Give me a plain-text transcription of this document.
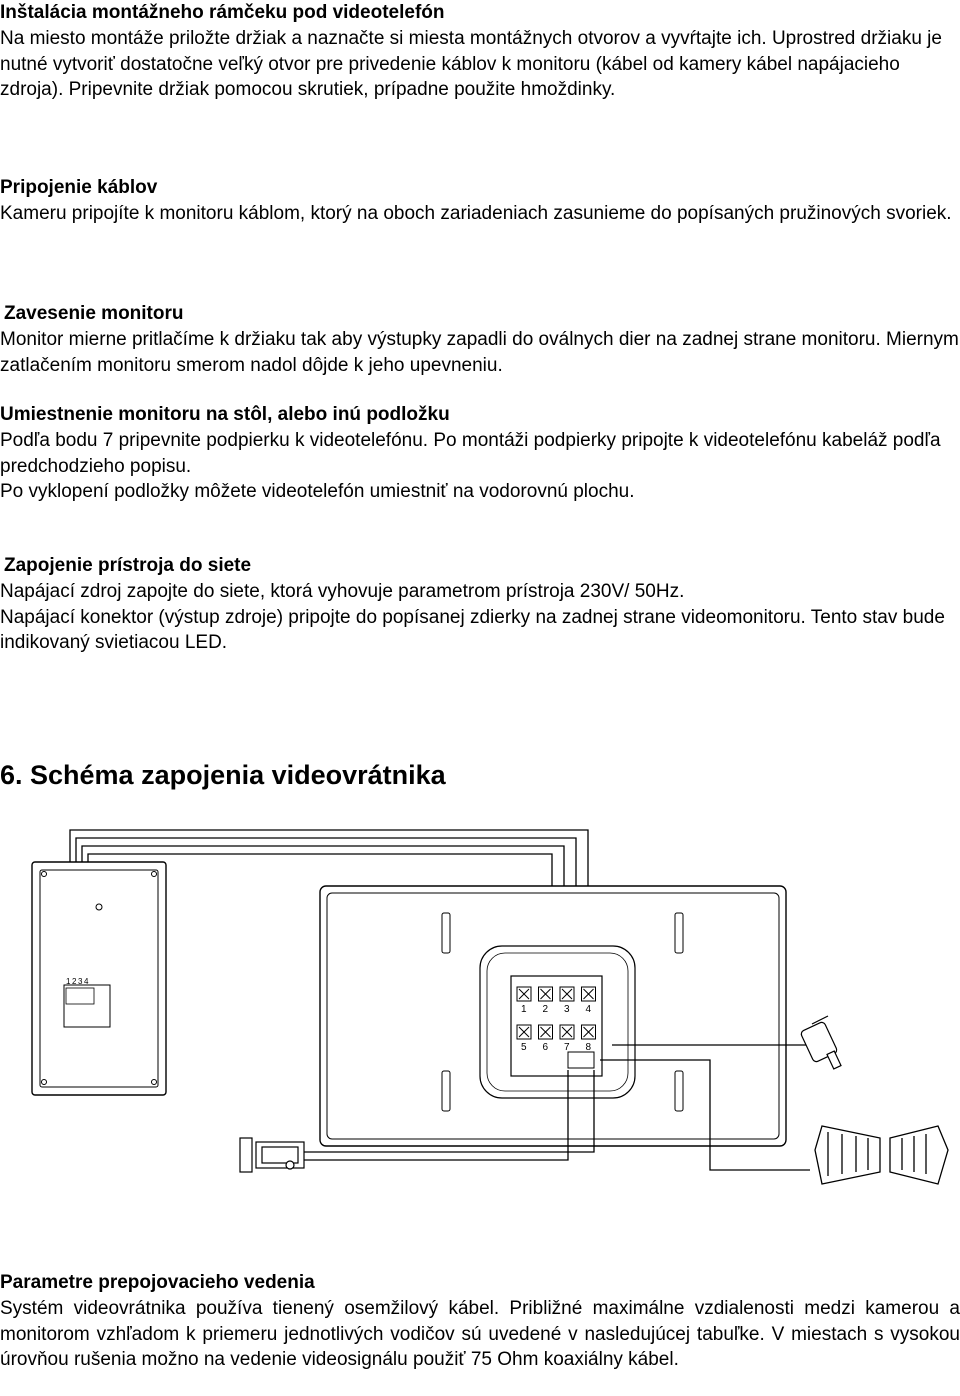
Inštalácia montážneho rámčeku pod videotelefón

Na miesto montáže priložte držiak a naznačte si miesta montážnych otvorov a vyvŕtajte ich. Uprostred držiaku je nutné vytvoriť dostatočne veľký otvor pre privedenie káblov k monitoru (kábel od kamery kábel napájacieho zdroja). Pripevnite držiak pomocou skrutiek, prípadne použite hmoždinky.

Pripojenie káblov

Kameru pripojíte k monitoru káblom, ktorý na oboch zariadeniach zasunieme do popísaných pružinových svoriek.

Zavesenie monitoru

Monitor mierne pritlačíme k držiaku tak aby výstupky zapadli do oválnych dier na zadnej strane monitoru. Miernym zatlačením monitoru smerom nadol dôjde k jeho upevneniu.

Umiestnenie monitoru na stôl, alebo inú podložku

Podľa bodu 7 pripevnite podpierku k videotelefónu. Po montáži podpierky pripojte k videotelefónu kabeláž podľa predchodzieho popisu.

Po vyklopení podložky môžete videotelefón umiestniť na vodorovnú plochu.

Zapojenie prístroja do siete

Napájací zdroj zapojte do siete, ktorá vyhovuje parametrom prístroja 230V/ 50Hz.

Napájací konektor (výstup zdroje) pripojte do popísanej zdierky na zadnej strane videomonitoru. Tento stav bude indikovaný svietiacou LED.

6. Schéma zapojenia videovrátnika
1 2 3 4
1 2 3 4
5 6 7 8
Parametre prepojovacieho vedenia

Systém videovrátnika používa tienený osemžilový kábel. Približné maximálne vzdialenosti medzi kamerou a monitorom vzhľadom k priemeru jednotlivých vodičov sú uvedené v nasledujúcej tabuľke. V miestach s vysokou úrovňou rušenia možno na vedenie videosignálu použiť 75 Ohm koaxiálny kábel.
